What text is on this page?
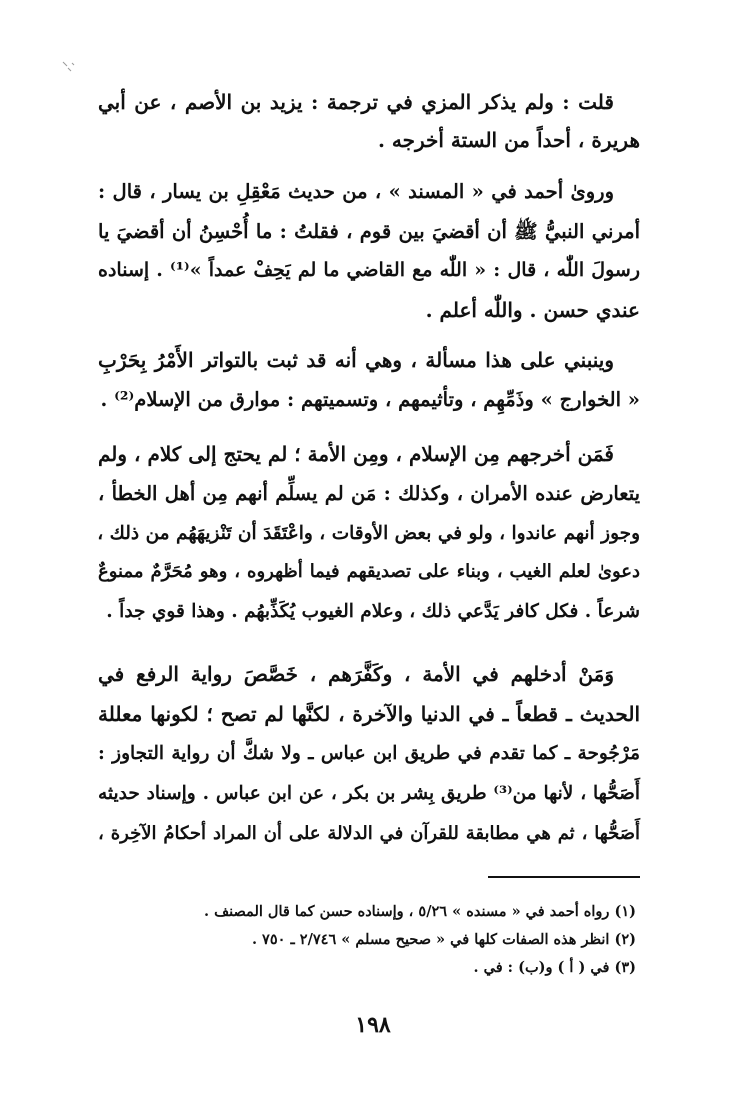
قلت : ولم يذكر المزي في ترجمة : يزيد بن الأصم ، عن أبي
هريرة ، أحداً من الستة أخرجه .
وروىٰ أحمد في « المسند » ، من حديث مَعْقِلِ بن يسار ، قال :
أمرني النبيُّ ﷺ أن أقضيَ بين قوم ، فقلتُ : ما أُحْسِنُ أن أقضيَ يا
رسولَ اللّٰه ، قال : « اللّٰه مع القاضي ما لم يَحِفْ عمداً »⁽¹⁾ . إسناده
عندي حسن . واللّٰه أعلم .
وينبني على هذا مسألة ، وهي أنه قد ثبت بالتواتر الأَمْرُ بِحَرْبِ
« الخوارج » وذَمِّهِم ، وتأثيمهم ، وتسميتهم : موارق من الإسلام⁽²⁾ .
فَمَن أخرجهم مِن الإسلام ، ومِن الأمة ؛ لم يحتج إلى كلام ، ولم
يتعارض عنده الأمران ، وكذلك : مَن لم يسلِّم أنهم مِن أهل الخطأ ،
وجوز أنهم عاندوا ، ولو في بعض الأوقات ، واعْتَقَدَ أن تَنْزيهَهُم من ذلك ،
دعوىٰ لعلم الغيب ، وبناء على تصديقهم فيما أظهروه ، وهو مُحَرَّمٌ ممنوعٌ
شرعاً . فكل كافر يَدَّعي ذلك ، وعلام الغيوب يُكَذِّبهُم . وهذا قوي جداً .
وَمَنْ أدخلهم في الأمة ، وكَفَّرَهم ، خَصَّصَ رواية الرفع في
الحديث ـ قطعاً ـ في الدنيا والآخرة ، لكنَّها لم تصح ؛ لكونها معللة
مَرْجُوحة ـ كما تقدم في طريق ابن عباس ـ ولا شكَّ أن رواية التجاوز :
أَصَحُّها ، لأنها من⁽³⁾ طريق بِشر بن بكر ، عن ابن عباس . وإسناد حديثه
أَصَحُّها ، ثم هي مطابقة للقرآن في الدلالة على أن المراد أحكامُ الآخِرة ،
(١) رواه أحمد في « مسنده » ٥/٢٦ ، وإسناده حسن كما قال المصنف .
(٢) انظر هذه الصفات كلها في « صحيح مسلم » ٢/٧٤٦ ـ ٧٥٠ .
(٣) في ( أ ) و(ب) : في .
١٩٨
